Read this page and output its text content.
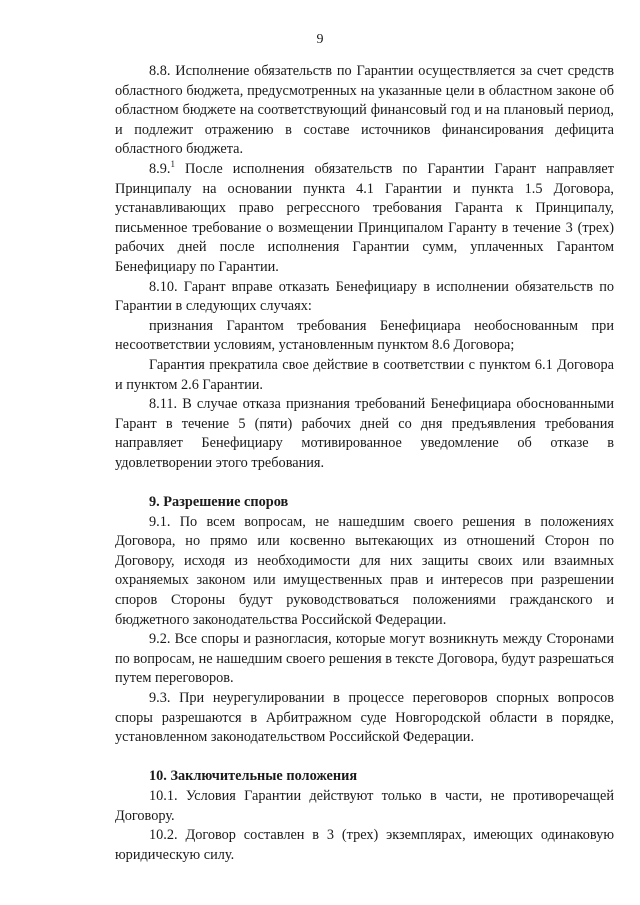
9

8.8. Исполнение обязательств по Гарантии осуществляется за счет средств областного бюджета, предусмотренных на указанные цели в областном законе об областном бюджете на соответствующий финансовый год и на плановый период, и подлежит отражению в составе источников финансирования дефицита областного бюджета.

8.9.$^1$ После исполнения обязательств по Гарантии Гарант направляет Принципалу на основании пункта 4.1 Гарантии и пункта 1.5 Договора, устанавливающих право регрессного требования Гаранта к Принципалу, письменное требование о возмещении Принципалом Гаранту в течение 3 (трех) рабочих дней после исполнения Гарантии сумм, уплаченных Гарантом Бенефициару по Гарантии.

8.10. Гарант вправе отказать Бенефициару в исполнении обязательств по Гарантии в следующих случаях:

признания Гарантом требования Бенефициара необоснованным при несоответствии условиям, установленным пунктом 8.6 Договора;

Гарантия прекратила свое действие в соответствии с пунктом 6.1 Договора и пунктом 2.6 Гарантии.

8.11. В случае отказа признания требований Бенефициара обоснованными Гарант в течение 5 (пяти) рабочих дней со дня предъявления требования направляет Бенефициару мотивированное уведомление об отказе в удовлетворении этого требования.

9. Разрешение споров

9.1. По всем вопросам, не нашедшим своего решения в положениях Договора, но прямо или косвенно вытекающих из отношений Сторон по Договору, исходя из необходимости для них защиты своих или взаимных охраняемых законом или имущественных прав и интересов при разрешении споров Стороны будут руководствоваться положениями гражданского и бюджетного законодательства Российской Федерации.

9.2. Все споры и разногласия, которые могут возникнуть между Сторонами по вопросам, не нашедшим своего решения в тексте Договора, будут разрешаться путем переговоров.

9.3. При неурегулировании в процессе переговоров спорных вопросов споры разрешаются в Арбитражном суде Новгородской области в порядке, установленном законодательством Российской Федерации.

10. Заключительные положения

10.1. Условия Гарантии действуют только в части, не противоречащей Договору.

10.2. Договор составлен в 3 (трех) экземплярах, имеющих одинаковую юридическую силу.
